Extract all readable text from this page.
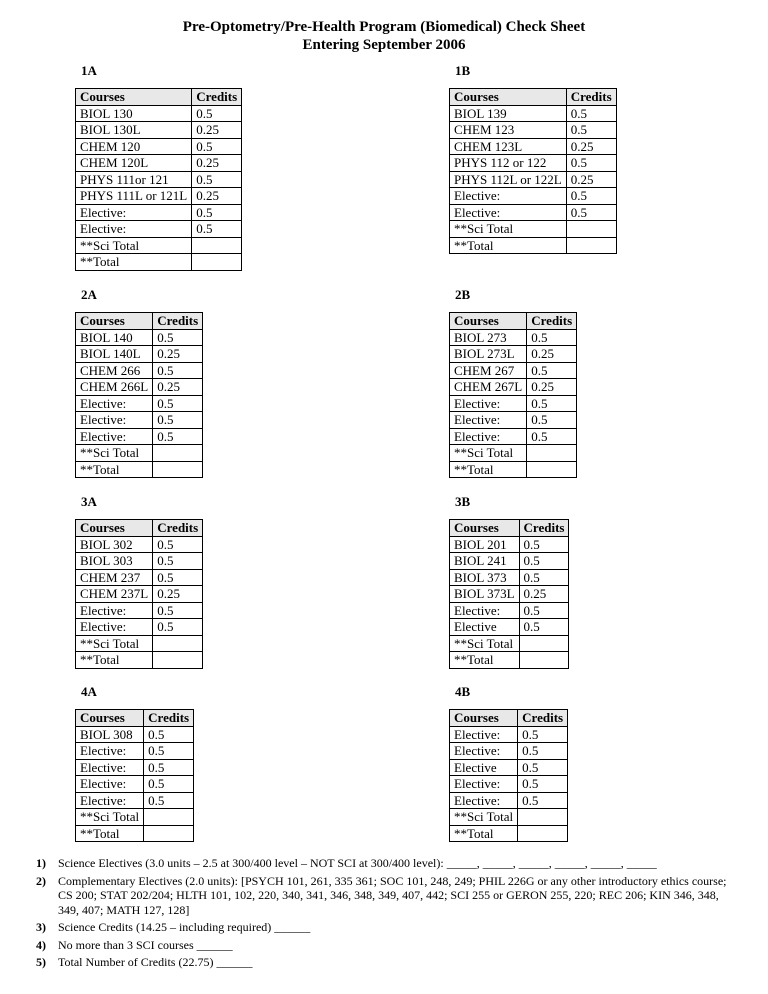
Pre-Optometry/Pre-Health Program (Biomedical) Check Sheet
Entering September 2006
1A
Courses	Credits
BIOL 130	0.5
BIOL 130L	0.25
CHEM 120	0.5
CHEM 120L	0.25
PHYS 111or 121	0.5
PHYS 111L or 121L	0.25
Elective:	0.5
Elective:	0.5
**Sci Total	
**Total	
1B
Courses	Credits
BIOL 139	0.5
CHEM 123	0.5
CHEM 123L	0.25
PHYS 112 or 122	0.5
PHYS 112L or 122L	0.25
Elective:	0.5
Elective:	0.5
**Sci Total	
**Total	
2A
Courses	Credits
BIOL 140	0.5
BIOL 140L	0.25
CHEM 266	0.5
CHEM 266L	0.25
Elective:	0.5
Elective:	0.5
Elective:	0.5
**Sci Total	
**Total	
2B
Courses	Credits
BIOL 273	0.5
BIOL 273L	0.25
CHEM 267	0.5
CHEM 267L	0.25
Elective:	0.5
Elective:	0.5
Elective:	0.5
**Sci Total	
**Total	
3A
Courses	Credits
BIOL 302	0.5
BIOL 303	0.5
CHEM 237	0.5
CHEM 237L	0.25
Elective:	0.5
Elective:	0.5
**Sci Total	
**Total	
3B
Courses	Credits
BIOL 201	0.5
BIOL 241	0.5
BIOL 373	0.5
BIOL 373L	0.25
Elective:	0.5
Elective	0.5
**Sci Total	
**Total	
4A
Courses	Credits
BIOL 308	0.5
Elective:	0.5
Elective:	0.5
Elective:	0.5
Elective:	0.5
**Sci Total	
**Total	
4B
Courses	Credits
Elective:	0.5
Elective:	0.5
Elective	0.5
Elective:	0.5
Elective:	0.5
**Sci Total	
**Total	
1) Science Electives (3.0 units – 2.5 at 300/400 level – NOT SCI at 300/400 level): _____, _____, _____, _____, _____, _____
2) Complementary Electives (2.0 units): [PSYCH 101, 261, 335 361; SOC 101, 248, 249; PHIL 226G or any other introductory ethics course; CS 200; STAT 202/204; HLTH 101, 102, 220, 340, 341, 346, 348, 349, 407, 442; SCI 255 or GERON 255, 220; REC 206; KIN 346, 348, 349, 407; MATH 127, 128]
3) Science Credits (14.25 – including required) ______
4) No more than 3 SCI courses ______
5) Total Number of Credits (22.75) ______
